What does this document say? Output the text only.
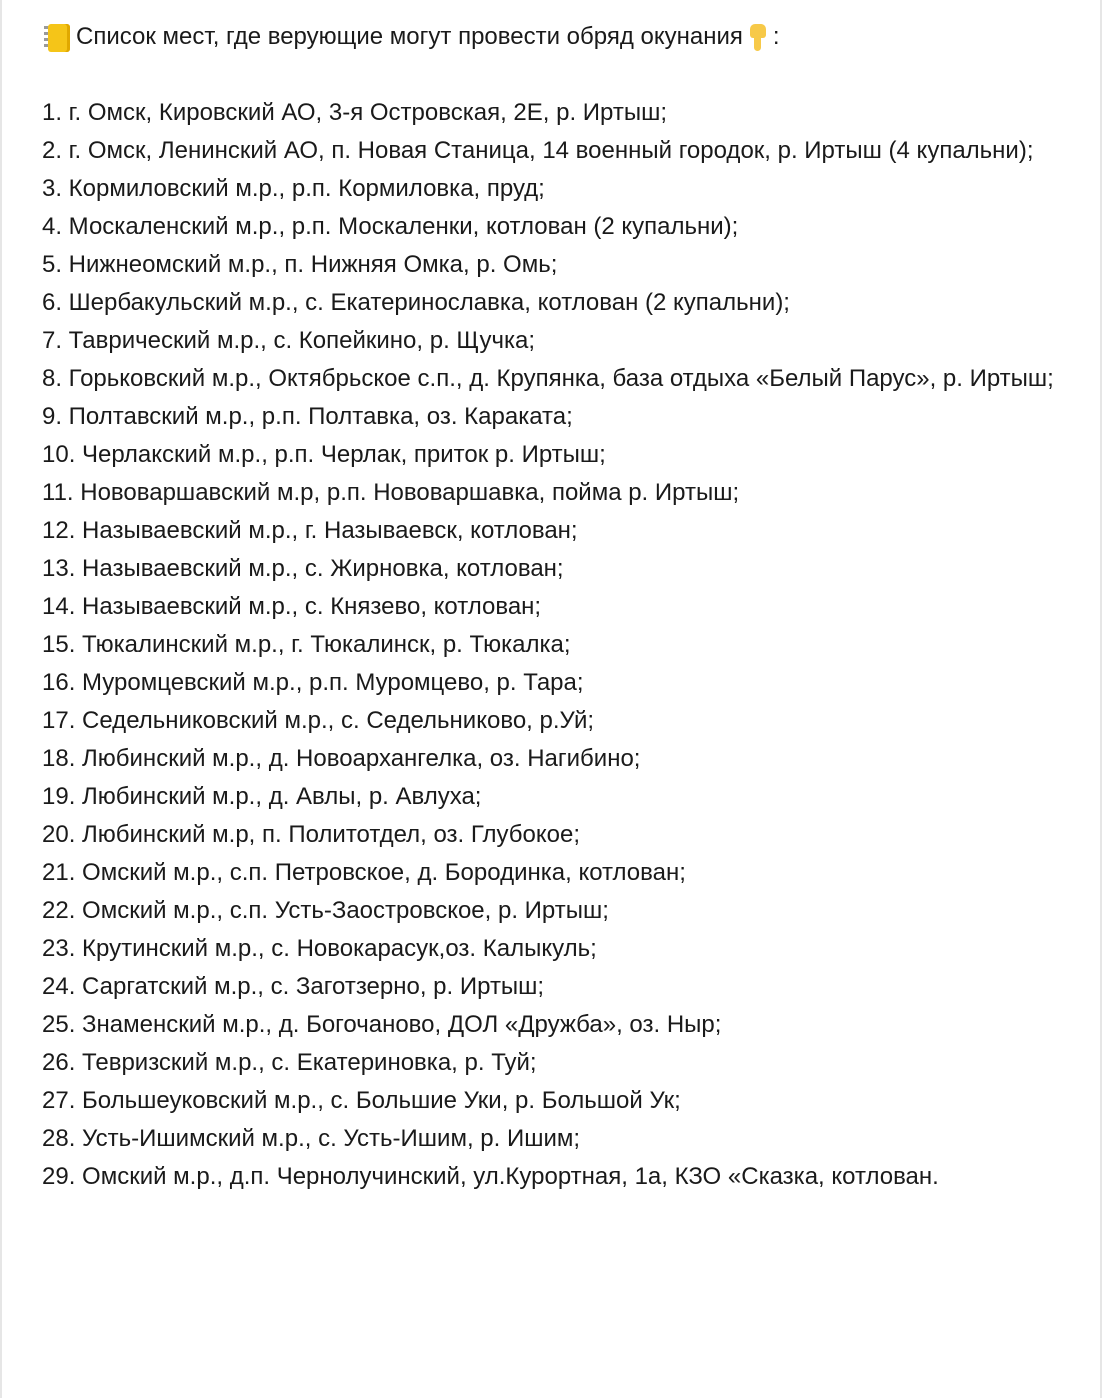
Список мест, где верующие могут провести обряд окунания :
1. г. Омск, Кировский АО, 3-я Островская, 2Е, р. Иртыш;
2. г. Омск, Ленинский АО, п. Новая Станица, 14 военный городок, р. Иртыш (4 купальни);
3. Кормиловский м.р., р.п. Кормиловка, пруд;
4. Москаленский м.р., р.п. Москаленки, котлован (2 купальни);
5. Нижнеомский м.р., п. Нижняя Омка, р. Омь;
6. Шербакульский м.р., с. Екатеринославка, котлован (2 купальни);
7. Таврический м.р., с. Копейкино, р. Щучка;
8. Горьковский м.р., Октябрьское с.п., д. Крупянка, база отдыха «Белый Парус», р. Иртыш;
9. Полтавский м.р., р.п. Полтавка, оз. Караката;
10. Черлакский м.р., р.п. Черлак, приток р. Иртыш;
11. Нововаршавский м.р, р.п. Нововаршавка, пойма р. Иртыш;
12. Называевский м.р., г. Называевск, котлован;
13. Называевский м.р., с. Жирновка, котлован;
14. Называевский м.р., с. Князево, котлован;
15. Тюкалинский м.р., г. Тюкалинск, р. Тюкалка;
16. Муромцевский м.р., р.п. Муромцево, р. Тара;
17. Седельниковский м.р., с. Седельниково, р.Уй;
18. Любинский м.р., д. Новоархангелка, оз. Нагибино;
19. Любинский м.р., д. Авлы, р. Авлуха;
20. Любинский м.р, п. Политотдел, оз. Глубокое;
21. Омский м.р., с.п. Петровское, д. Бородинка, котлован;
22. Омский м.р., с.п. Усть-Заостровское, р. Иртыш;
23. Крутинский м.р., с. Новокарасук,оз. Калыкуль;
24. Саргатский м.р., с. Заготзерно, р. Иртыш;
25. Знаменский м.р., д. Богочаново, ДОЛ «Дружба», оз. Ныр;
26. Тевризский м.р., с. Екатериновка, р. Туй;
27. Большеуковский м.р., с. Большие Уки, р. Большой Ук;
28. Усть-Ишимский м.р., с. Усть-Ишим, р. Ишим;
29. Омский м.р., д.п. Чернолучинский, ул.Курортная, 1а, КЗО «Сказка, котлован.
